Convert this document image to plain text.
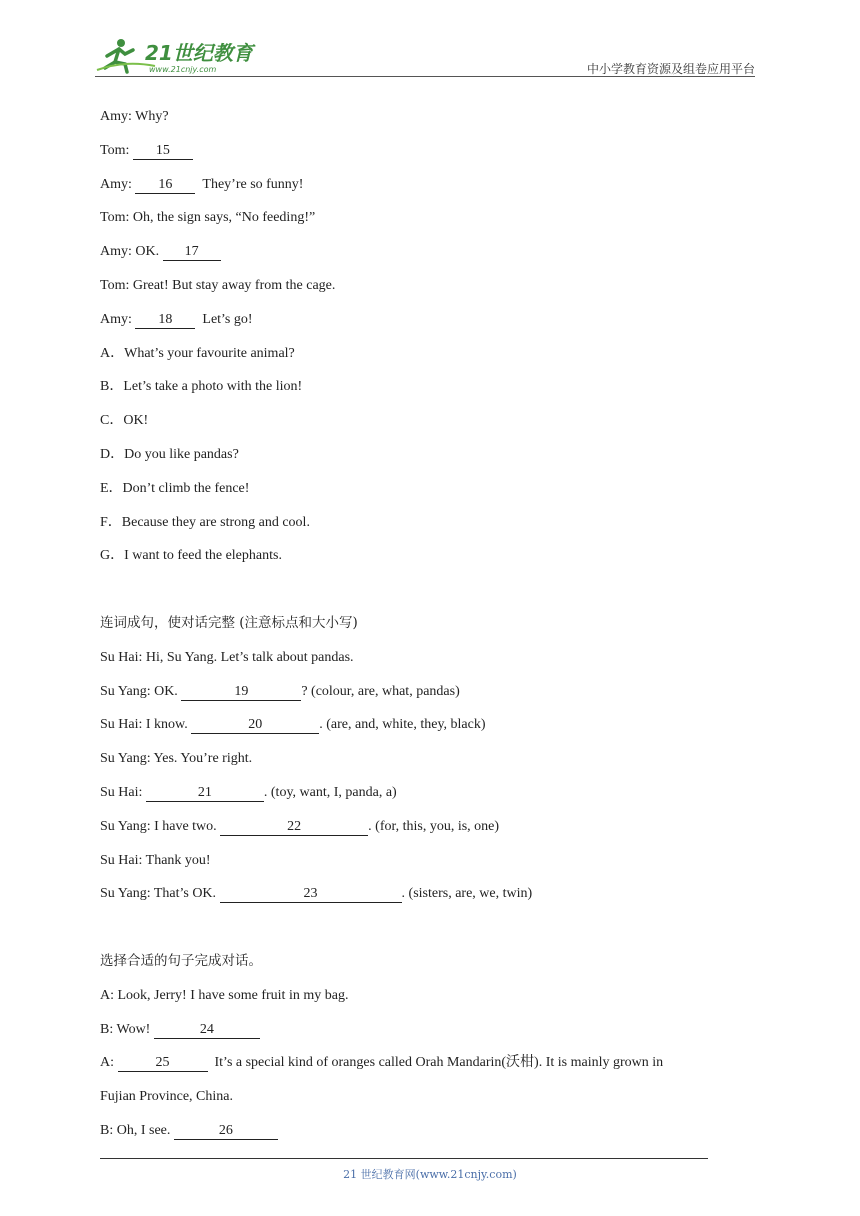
21世纪教育
www.21cnjy.com	中小学教育资源及组卷应用平台
Amy: Why?
Tom: 15
Amy: 16 They’re so funny!
Tom: Oh, the sign says, “No feeding!”
Amy: OK. 17
Tom: Great! But stay away from the cage.
Amy: 18 Let’s go!
A．What’s your favourite animal?
B．Let’s take a photo with the lion!
C．OK!
D．Do you like pandas?
E．Don’t climb the fence!
F．Because they are strong and cool.
G．I want to feed the elephants.
连词成句，使对话完整 (注意标点和大小写)
Su Hai: Hi, Su Yang. Let’s talk about pandas.
Su Yang: OK.	19	? (colour, are, what, pandas)
Su Hai: I know.	20	. (are, and, white, they, black)
Su Yang: Yes. You’re right.
Su Hai:	21	. (toy, want, I, panda, a)
Su Yang: I have two.	22	. (for, this, you, is, one)
Su Hai: Thank you!
Su Yang: That’s OK.	23	. (sisters, are, we, twin)
选择合适的句子完成对话。
A: Look, Jerry! I have some fruit in my bag.
B: Wow!	24
A:	25	It’s a special kind of oranges called Orah Mandarin(沃柑). It is mainly grown in
Fujian Province, China.
B: Oh, I see.	26
21 世纪教育网(www.21cnjy.com)
